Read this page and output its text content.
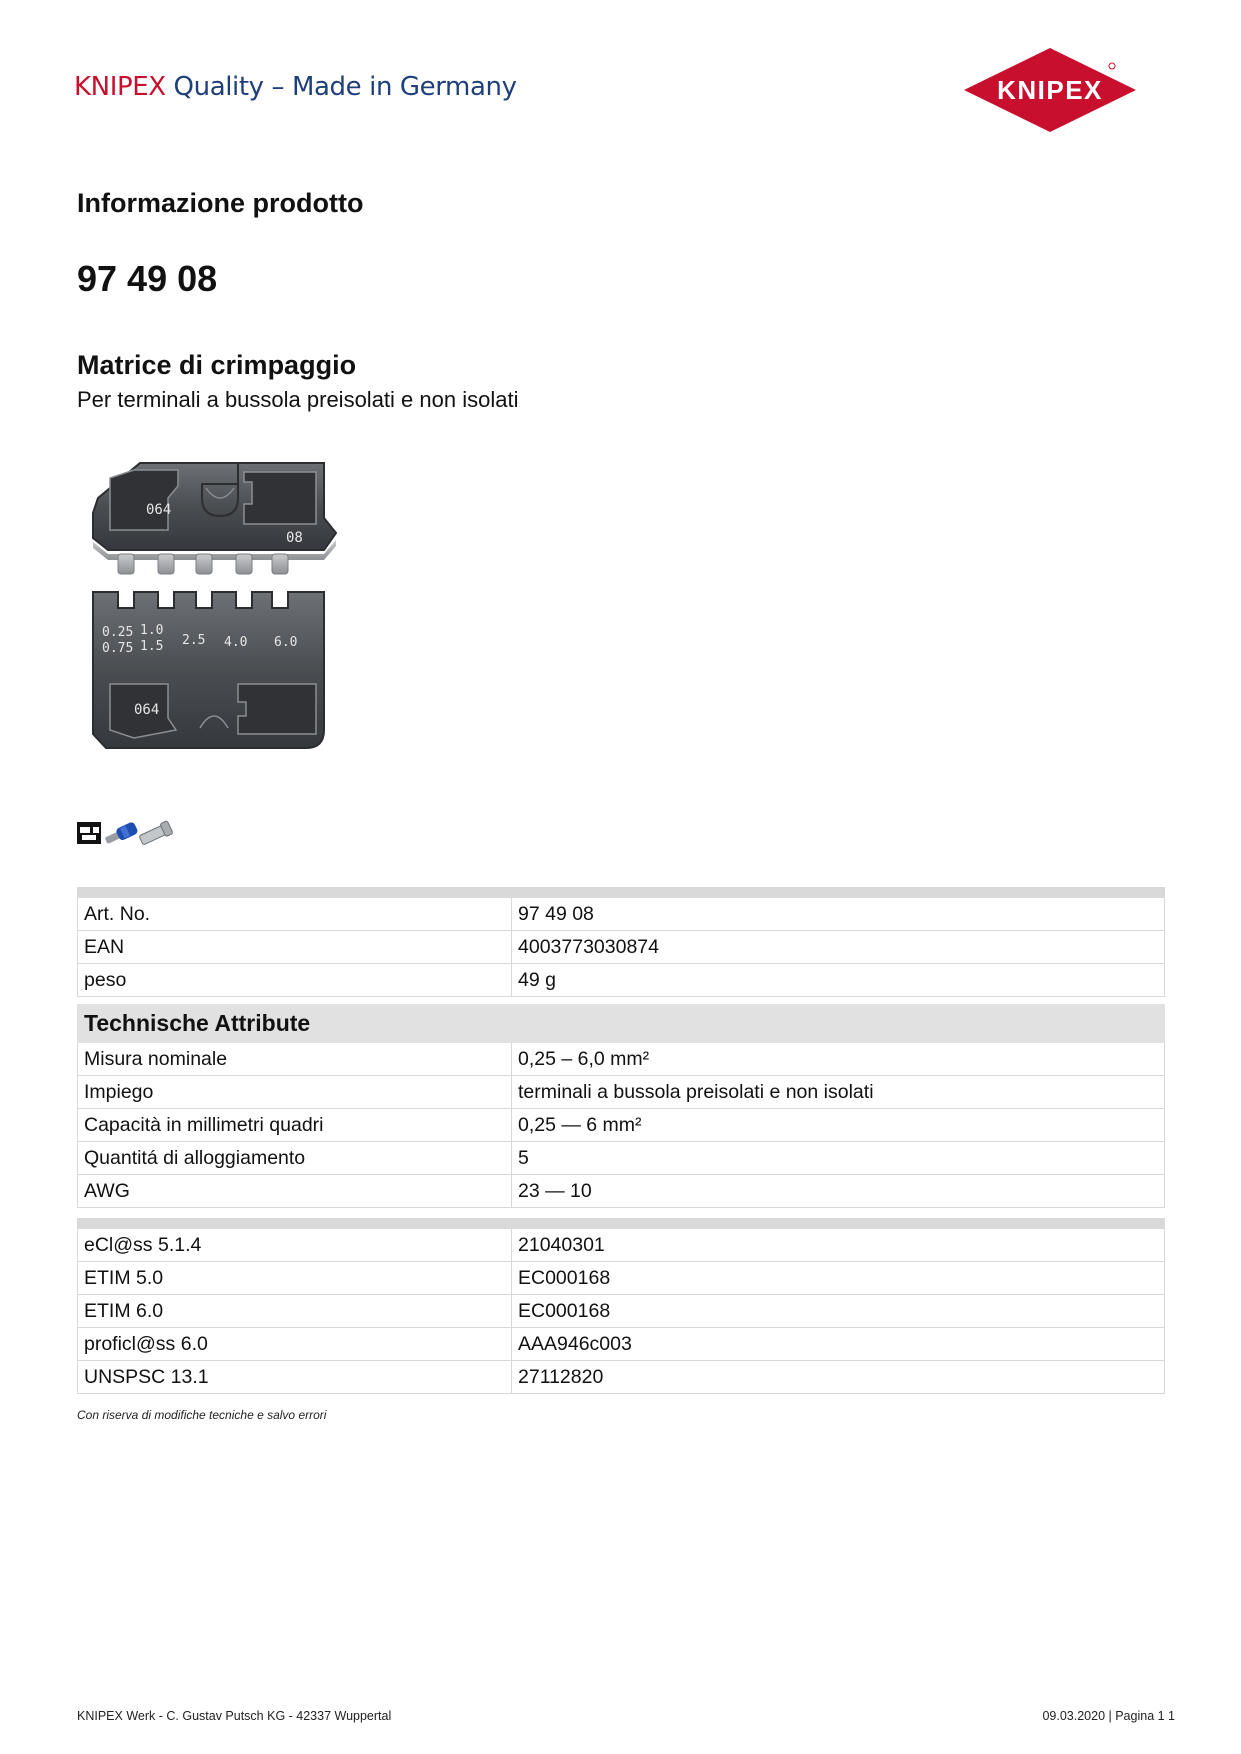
KNIPEX Quality – Made in Germany	KNIPEX
Informazione prodotto
97 49 08
Matrice di crimpaggio
Per terminali a bussola preisolati e non isolati
064
08
0.25 1.0
0.75 1.5 2.5 4.0 6.0
064

Art. No.	97 49 08
EAN	4003773030874
peso	49 g
Technische Attribute	
Misura nominale	0,25 – 6,0 mm²
Impiego	terminali a bussola preisolati e non isolati
Capacità in millimetri quadri	0,25 — 6 mm²
Quantitá di alloggiamento	5
AWG	23 — 10

eCl@ss 5.1.4	21040301
ETIM 5.0	EC000168
ETIM 6.0	EC000168
proficl@ss 6.0	AAA946c003
UNSPSC 13.1	27112820
Con riserva di modifiche tecniche e salvo errori
KNIPEX Werk - C. Gustav Putsch KG - 42337 Wuppertal	09.03.2020 | Pagina 1 1
